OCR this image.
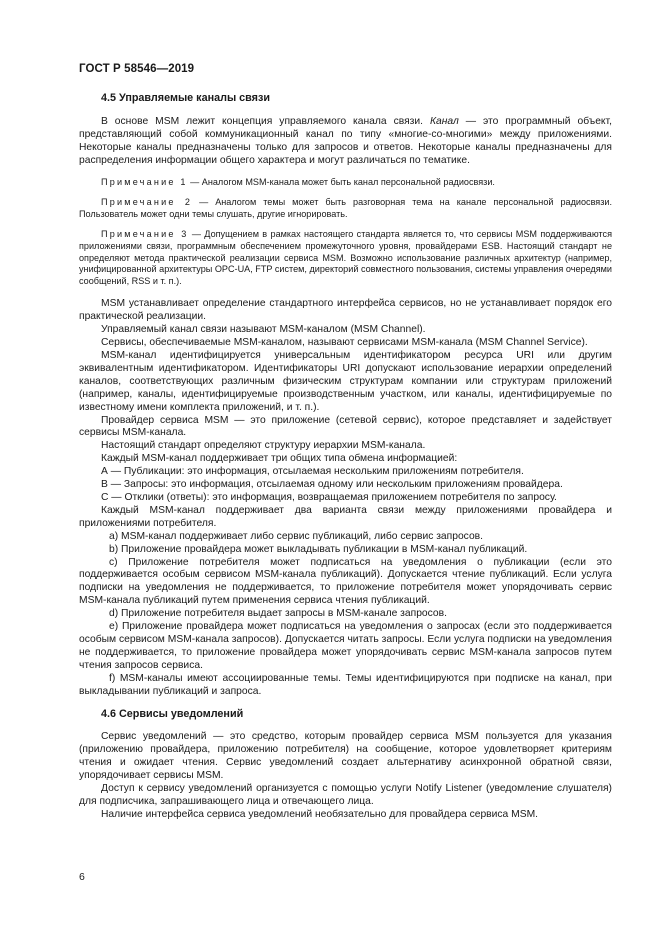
ГОСТ Р 58546—2019
4.5 Управляемые каналы связи

В основе MSM лежит концепция управляемого канала связи. Канал — это программный объект, представляющий собой коммуникационный канал по типу «многие-со-многими» между приложениями. Некоторые каналы предназначены только для запросов и ответов. Некоторые каналы предназначены для распределения информации общего характера и могут различаться по тематике.

Примечание 1 — Аналогом MSM-канала может быть канал персональной радиосвязи.

Примечание 2 — Аналогом темы может быть разговорная тема на канале персональной радиосвязи. Пользователь может одни темы слушать, другие игнорировать.

Примечание 3 — Допущением в рамках настоящего стандарта является то, что сервисы MSM поддерживаются приложениями связи, программным обеспечением промежуточного уровня, провайдерами ESB. Настоящий стандарт не определяют метода практической реализации сервиса MSM. Возможно использование различных архитектур (например, унифицированной архитектуры OPC-UA, FTP систем, директорий совместного пользования, системы управления очередями сообщений, RSS и т. п.).

MSM устанавливает определение стандартного интерфейса сервисов, но не устанавливает порядок его практической реализации.

Управляемый канал связи называют MSM-каналом (MSM Channel).

Сервисы, обеспечиваемые MSM-каналом, называют сервисами MSM-канала (MSM Channel Service).

MSM-канал идентифицируется универсальным идентификатором ресурса URI или другим эквивалентным идентификатором. Идентификаторы URI допускают использование иерархии определений каналов, соответствующих различным физическим структурам компании или структурам приложений (например, каналы, идентифицируемые производственным участком, или каналы, идентифицируемые по известному имени комплекта приложений, и т. п.).

Провайдер сервиса MSM — это приложение (сетевой сервис), которое представляет и задействует сервисы MSM-канала.

Настоящий стандарт определяют структуру иерархии MSM-канала.

Каждый MSM-канал поддерживает три общих типа обмена информацией:

А — Публикации: это информация, отсылаемая нескольким приложениям потребителя.

В — Запросы: это информация, отсылаемая одному или нескольким приложениям провайдера.

С — Отклики (ответы): это информация, возвращаемая приложением потребителя по запросу.

Каждый MSM-канал поддерживает два варианта связи между приложениями провайдера и приложениями потребителя.

а) MSM-канал поддерживает либо сервис публикаций, либо сервис запросов.

b) Приложение провайдера может выкладывать публикации в MSM-канал публикаций.

с) Приложение потребителя может подписаться на уведомления о публикации (если это поддерживается особым сервисом MSM-канала публикаций). Допускается чтение публикаций. Если услуга подписки на уведомления не поддерживается, то приложение потребителя может упорядочивать сервис MSM-канала публикаций путем применения сервиса чтения публикаций.

d) Приложение потребителя выдает запросы в MSM-канале запросов.

е) Приложение провайдера может подписаться на уведомления о запросах (если это поддерживается особым сервисом MSM-канала запросов). Допускается читать запросы. Если услуга подписки на уведомления не поддерживается, то приложение провайдера может упорядочивать сервис MSM-канала запросов путем чтения запросов сервиса.

f) MSM-каналы имеют ассоциированные темы. Темы идентифицируются при подписке на канал, при выкладывании публикаций и запроса.

4.6 Сервисы уведомлений

Сервис уведомлений — это средство, которым провайдер сервиса MSM пользуется для указания (приложению провайдера, приложению потребителя) на сообщение, которое удовлетворяет критериям чтения и ожидает чтения. Сервис уведомлений создает альтернативу асинхронной обратной связи, упорядочивает сервисы MSM.

Доступ к сервису уведомлений организуется с помощью услуги Notify Listener (уведомление слушателя) для подписчика, запрашивающего лица и отвечающего лица.

Наличие интерфейса сервиса уведомлений необязательно для провайдера сервиса MSM.

6
